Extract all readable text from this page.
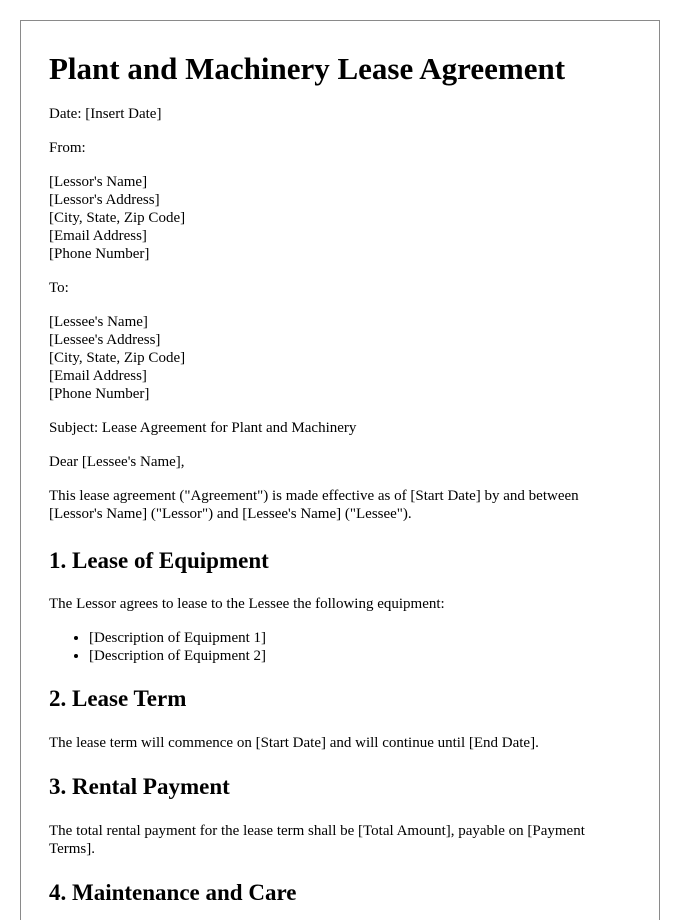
Plant and Machinery Lease Agreement

Date: [Insert Date]

From:

[Lessor's Name]
[Lessor's Address]
[City, State, Zip Code]
[Email Address]
[Phone Number]

To:

[Lessee's Name]
[Lessee's Address]
[City, State, Zip Code]
[Email Address]
[Phone Number]

Subject: Lease Agreement for Plant and Machinery

Dear [Lessee's Name],

This lease agreement ("Agreement") is made effective as of [Start Date] by and between [Lessor's Name] ("Lessor") and [Lessee's Name] ("Lessee").

1. Lease of Equipment

The Lessor agrees to lease to the Lessee the following equipment:

• [Description of Equipment 1]
• [Description of Equipment 2]
2. Lease Term

The lease term will commence on [Start Date] and will continue until [End Date].

3. Rental Payment

The total rental payment for the lease term shall be [Total Amount], payable on [Payment Terms].

4. Maintenance and Care
